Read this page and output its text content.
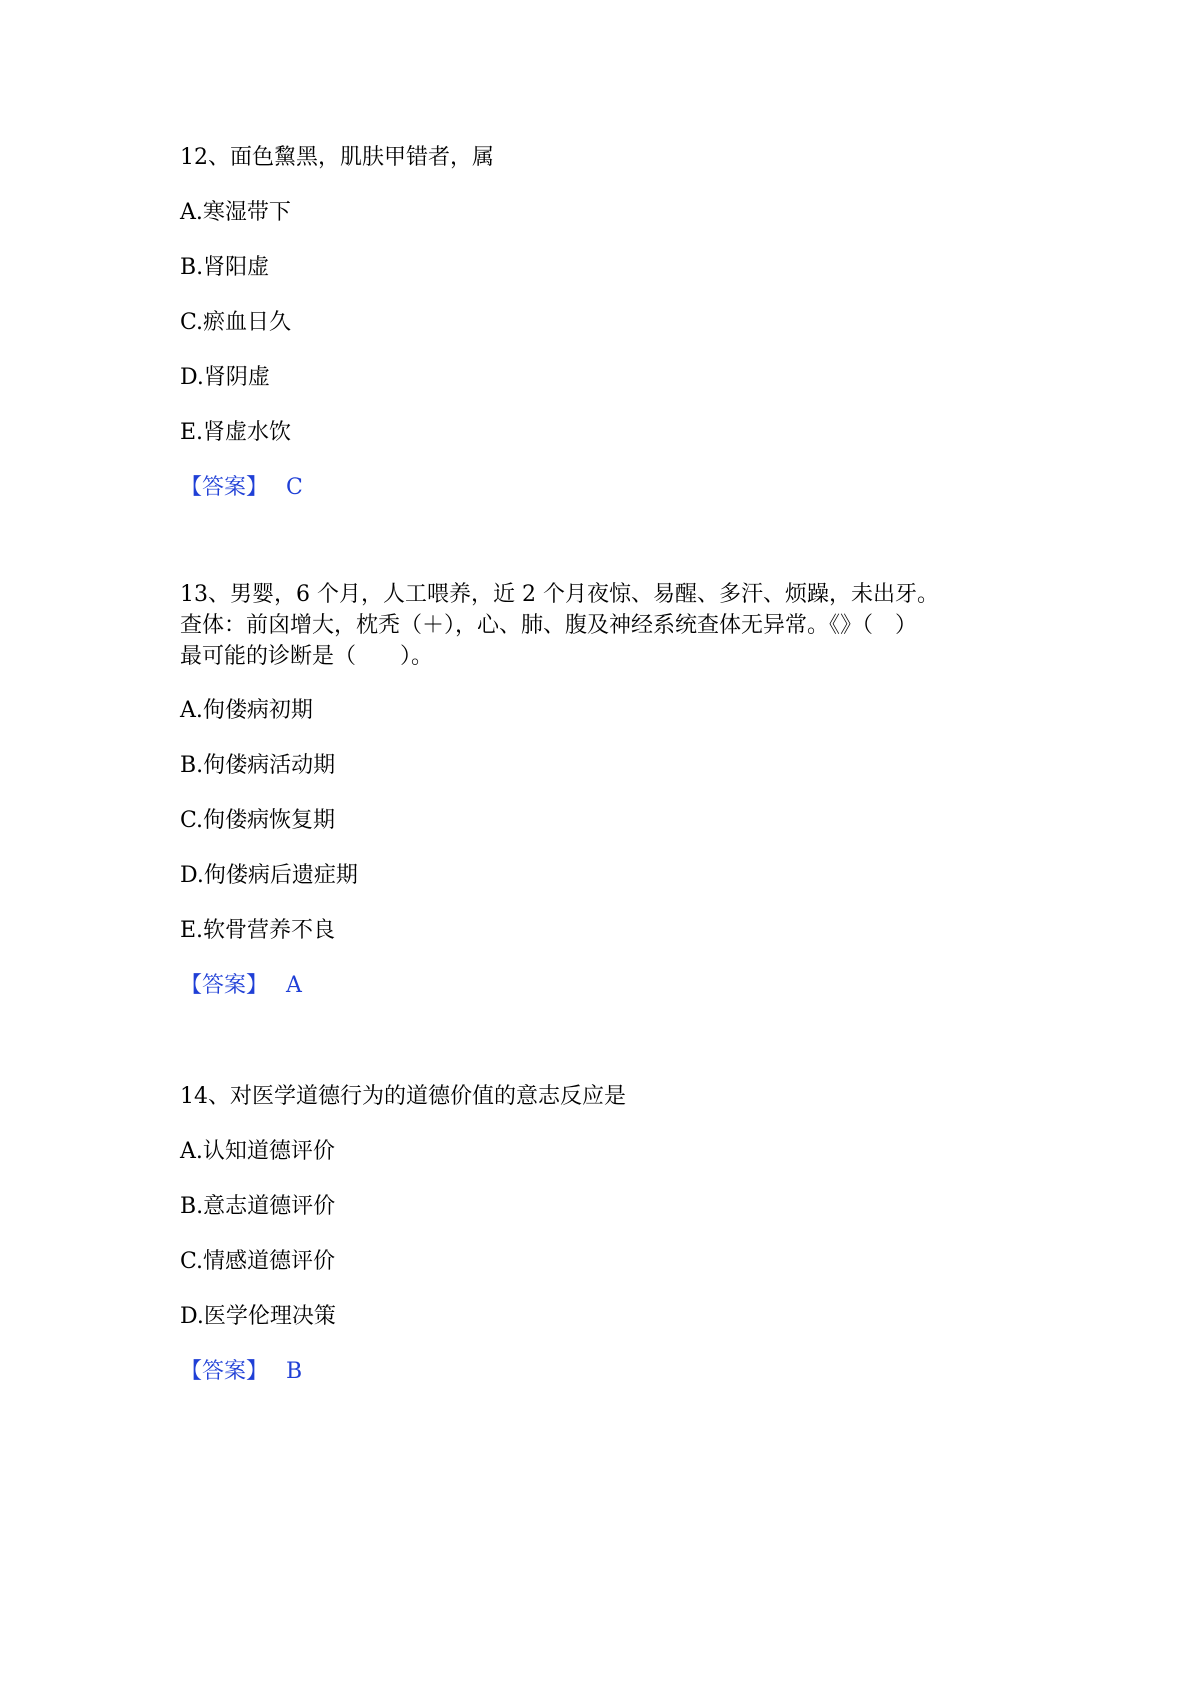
12、面色黧黑，肌肤甲错者，属
A.寒湿带下
B.肾阳虚
C.瘀血日久
D.肾阴虚
E.肾虚水饮
【答案】 C
13、男婴，6 个月，人工喂养，近 2 个月夜惊、易醒、多汗、烦躁，未出牙。
查体：前囟增大，枕秃（＋），心、肺、腹及神经系统查体无异常。《》（　）
最可能的诊断是（　　）。
A.佝偻病初期
B.佝偻病活动期
C.佝偻病恢复期
D.佝偻病后遗症期
E.软骨营养不良
【答案】 A
14、对医学道德行为的道德价值的意志反应是
A.认知道德评价
B.意志道德评价
C.情感道德评价
D.医学伦理决策
【答案】 B
